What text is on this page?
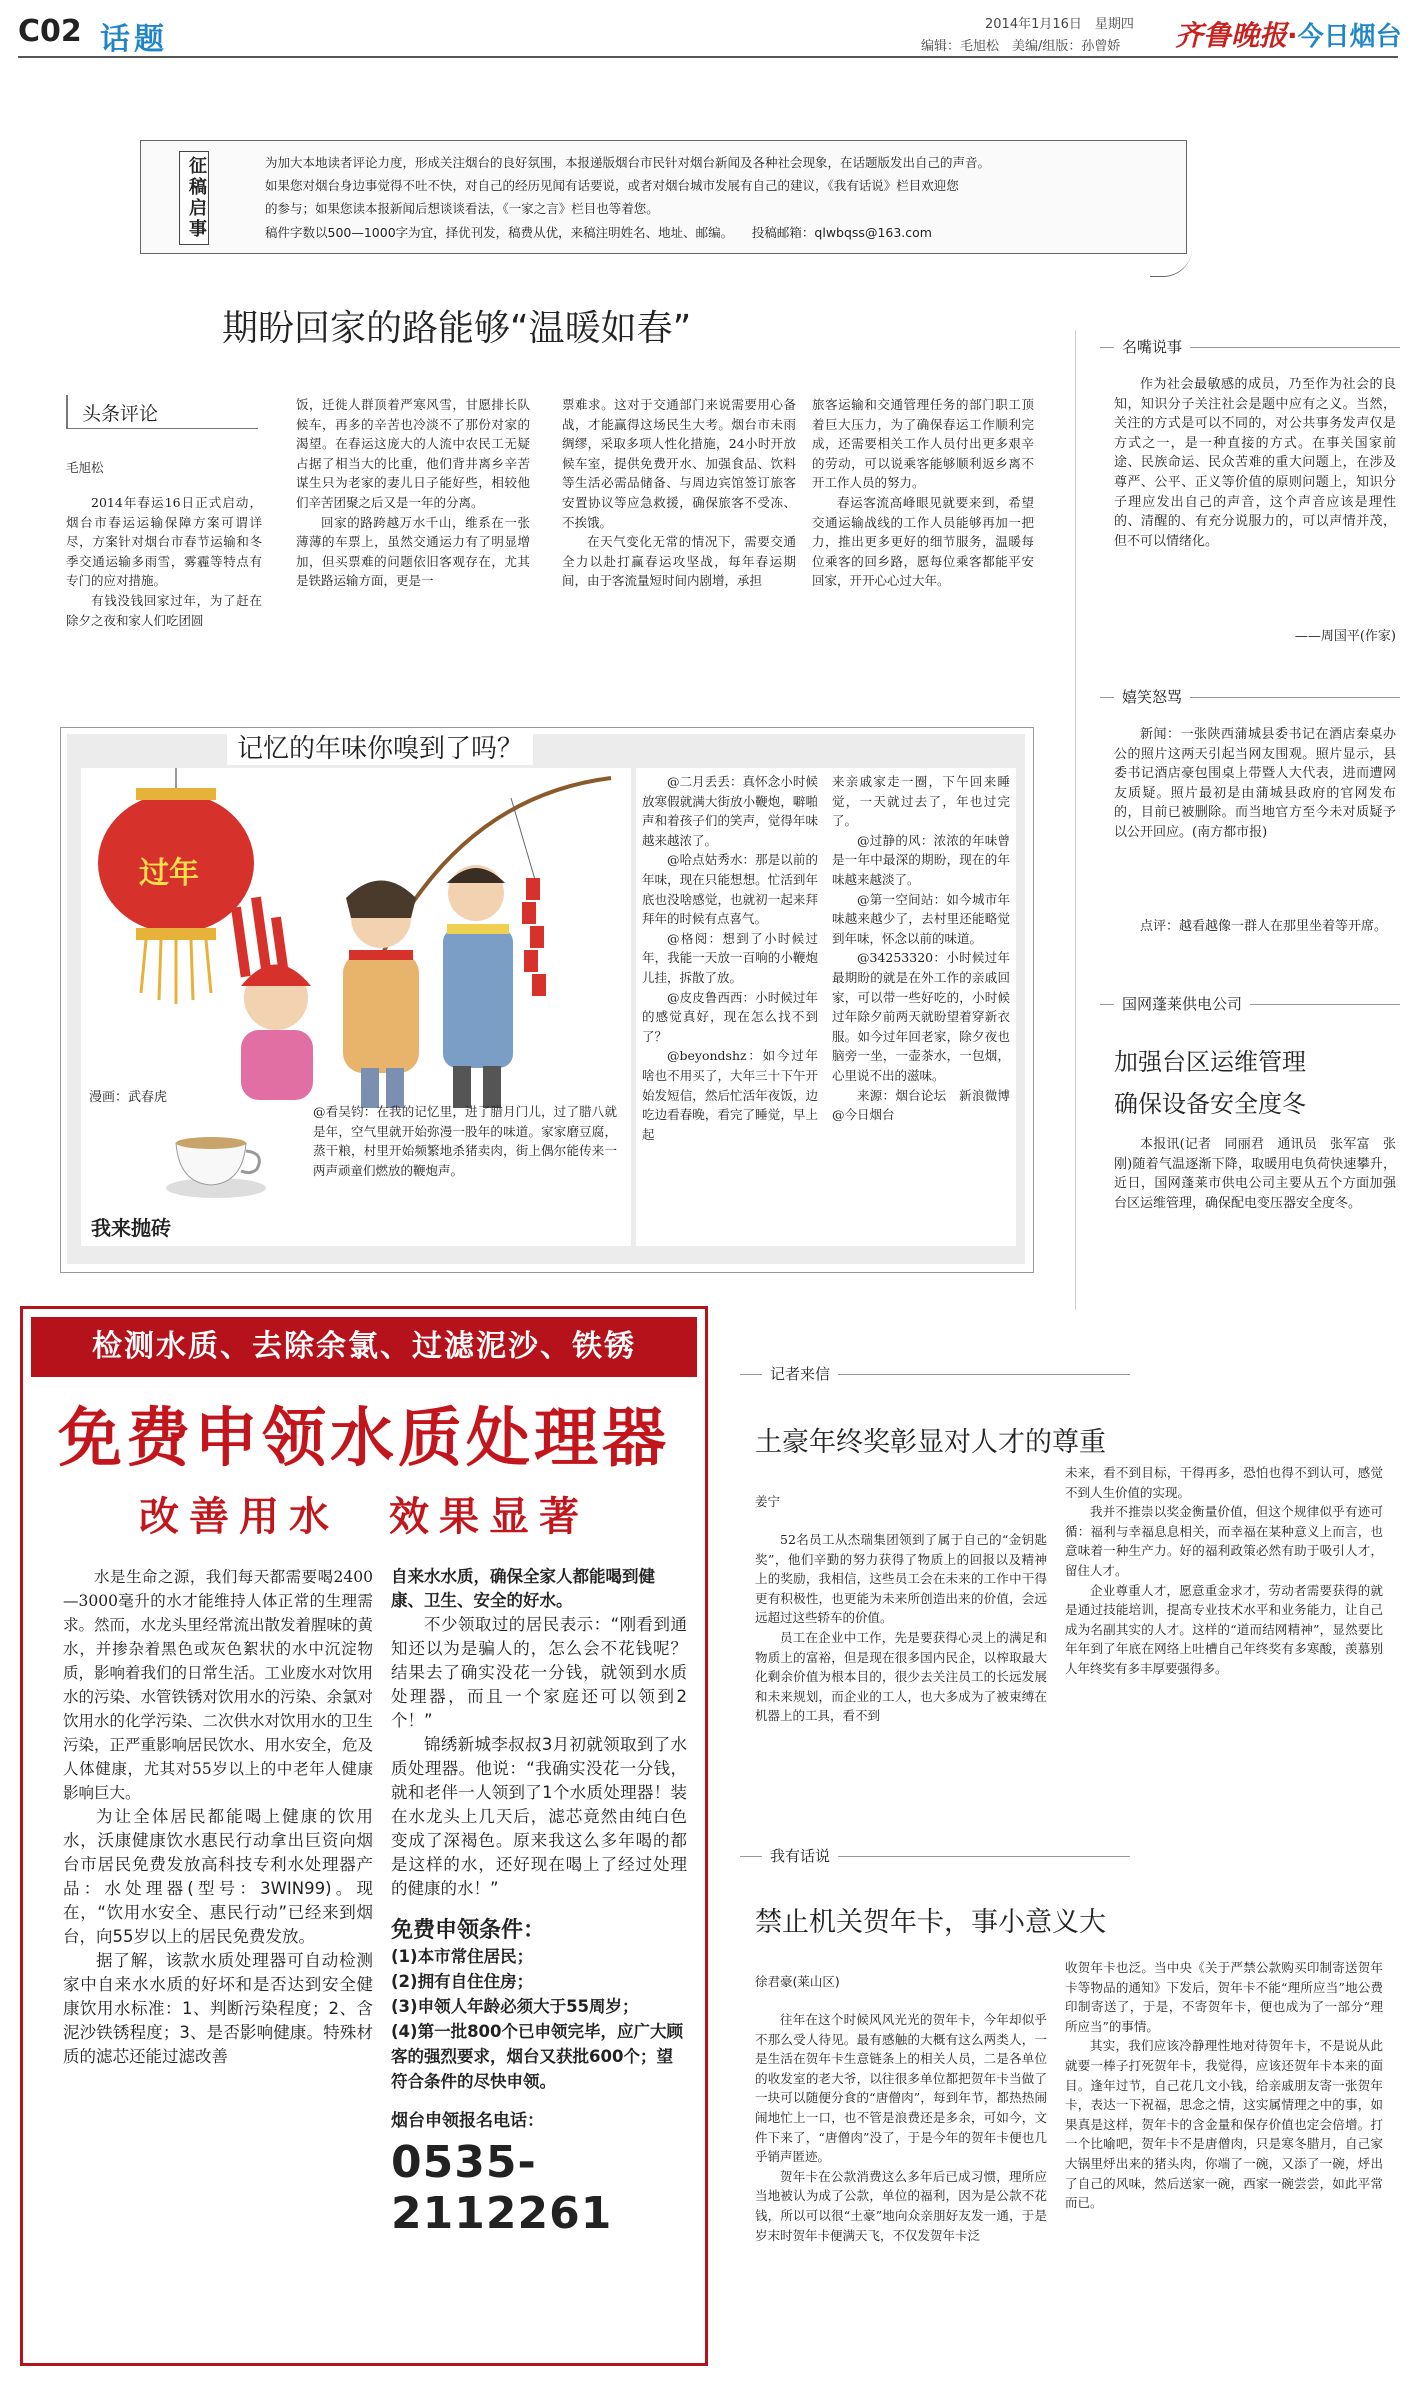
C02 话题	2014年1月16日　星期四
编辑：毛旭松　美编/组版：孙曾娇 齐鲁晚报·今日烟台
征稿启事	为加大本地读者评论力度，形成关注烟台的良好氛围，本报递版烟台市民针对烟台新闻及各种社会现象，在话题版发出自己的声音。
如果您对烟台身边事觉得不吐不快，对自己的经历见闻有话要说，或者对烟台城市发展有自己的建议，《我有话说》栏目欢迎您
的参与；如果您读本报新闻后想谈谈看法，《一家之言》栏目也等着您。
稿件字数以500—1000字为宜，择优刊发，稿费从优，来稿注明姓名、地址、邮编。　　投稿邮箱：qlwbqss@163.com
期盼回家的路能够“温暖如春”
头条评论
毛旭松

2014年春运16日正式启动，烟台市春运运输保障方案可谓详尽，方案针对烟台市春节运输和冬季交通运输多雨雪，雾霾等特点有专门的应对措施。

有钱没钱回家过年，为了赶在除夕之夜和家人们吃团圆

饭，迁徙人群顶着严寒风雪，甘愿排长队候车，再多的辛苦也冷淡不了那份对家的渴望。在春运这庞大的人流中农民工无疑占据了相当大的比重，他们背井离乡辛苦谋生只为老家的妻儿日子能好些，相较他们辛苦团聚之后又是一年的分离。

回家的路跨越万水千山，维系在一张薄薄的车票上，虽然交通运力有了明显增加，但买票难的问题依旧客观存在，尤其是铁路运输方面，更是一

票难求。这对于交通部门来说需要用心备战，才能赢得这场民生大考。烟台市未雨绸缪，采取多项人性化措施，24小时开放候车室，提供免费开水、加强食品、饮料等生活必需品储备、与周边宾馆签订旅客安置协议等应急救援，确保旅客不受冻、不挨饿。

在天气变化无常的情况下，需要交通全力以赴打赢春运攻坚战，每年春运期间，由于客流量短时间内剧增，承担

旅客运输和交通管理任务的部门职工顶着巨大压力，为了确保春运工作顺利完成，还需要相关工作人员付出更多艰辛的劳动，可以说乘客能够顺利返乡离不开工作人员的努力。

春运客流高峰眼见就要来到，希望交通运输战线的工作人员能够再加一把力，推出更多更好的细节服务，温暖每位乘客的回乡路，愿每位乘客都能平安回家，开开心心过大年。

名嘴说事

作为社会最敏感的成员，乃至作为社会的良知，知识分子关注社会是题中应有之义。当然，关注的方式是可以不同的，对公共事务发声仅是方式之一，是一种直接的方式。在事关国家前途、民族命运、民众苦难的重大问题上，在涉及尊严、公平、正义等价值的原则问题上，知识分子理应发出自己的声音，这个声音应该是理性的、清醒的、有充分说服力的，可以声情并茂，但不可以情绪化。

——周国平(作家)
嬉笑怒骂

新闻：一张陕西蒲城县委书记在酒店秦桌办公的照片这两天引起当网友围观。照片显示，县委书记酒店豪包围桌上带暨人大代表，进而遭网友质疑。照片最初是由蒲城县政府的官网发布的，目前已被删除。而当地官方至今未对质疑予以公开回应。(南方都市报)

点评：越看越像一群人在那里坐着等开席。

国网蓬莱供电公司
加强台区运维管理
确保设备安全度冬

本报讯(记者　同丽君　通讯员　张军富　张刚)随着气温逐渐下降，取暖用电负荷快速攀升，近日，国网蓬莱市供电公司主要从五个方面加强台区运维管理，确保配电变压器安全度冬。

记忆的年味你嗅到了吗？
过年
漫画：武春虎
我来抛砖

@看吴钧：在我的记忆里，进了腊月门儿，过了腊八就是年，空气里就开始弥漫一股年的味道。家家磨豆腐，蒸干粮，村里开始频繁地杀猪卖肉，街上偶尔能传来一两声顽童们燃放的鞭炮声。

@二月丢丢：真怀念小时候放寒假就满大街放小鞭炮，噼啪声和着孩子们的笑声，觉得年味越来越浓了。

@哈点姑秀水：那是以前的年味，现在只能想想。忙活到年底也没啥感觉，也就初一起来拜拜年的时候有点喜气。

@格阅：想到了小时候过年，我能一天放一百响的小鞭炮儿挂，拆散了放。

@皮皮鲁西西：小时候过年的感觉真好，现在怎么找不到了？

@beyondshz：如今过年啥也不用买了，大年三十下午开始发短信，然后忙活年夜饭，边吃边看春晚，看完了睡觉，早上起

来亲戚家走一圈，下午回来睡觉，一天就过去了，年也过完了。

@过静的风：浓浓的年味曾是一年中最深的期盼，现在的年味越来越淡了。

@第一空间站：如今城市年味越来越少了，去村里还能略觉到年味，怀念以前的味道。

@34253320：小时候过年最期盼的就是在外工作的亲戚回家，可以带一些好吃的，小时候过年除夕前两天就盼望着穿新衣服。如今过年回老家，除夕夜也脑旁一坐，一壶茶水，一包烟，心里说不出的滋味。

来源：烟台论坛　新浪微博@今日烟台

检测水质、去除余氯、过滤泥沙、铁锈
免费申领水质处理器
改善用水　效果显著

水是生命之源，我们每天都需要喝2400—3000毫升的水才能维持人体正常的生理需求。然而，水龙头里经常流出散发着腥味的黄水，并掺杂着黑色或灰色絮状的水中沉淀物质，影响着我们的日常生活。工业废水对饮用水的污染、水管铁锈对饮用水的污染、余氯对饮用水的化学污染、二次供水对饮用水的卫生污染，正严重影响居民饮水、用水安全，危及人体健康，尤其对55岁以上的中老年人健康影响巨大。

为让全体居民都能喝上健康的饮用水，沃康健康饮水惠民行动拿出巨资向烟台市居民免费发放高科技专利水处理器产品：水处理器(型号：3WIN99)。现在，“饮用水安全、惠民行动”已经来到烟台，向55岁以上的居民免费发放。

据了解，该款水质处理器可自动检测家中自来水水质的好坏和是否达到安全健康饮用水标准：1、判断污染程度；2、含泥沙铁锈程度；3、是否影响健康。特殊材质的滤芯还能过滤改善

自来水水质，确保全家人都能喝到健康、卫生、安全的好水。

不少领取过的居民表示：“刚看到通知还以为是骗人的，怎么会不花钱呢？结果去了确实没花一分钱，就领到水质处理器，而且一个家庭还可以领到2个！”

锦绣新城李叔叔3月初就领取到了水质处理器。他说：“我确实没花一分钱，就和老伴一人领到了1个水质处理器！装在水龙头上几天后，滤芯竟然由纯白色变成了深褐色。原来我这么多年喝的都是这样的水，还好现在喝上了经过处理的健康的水！”

免费申领条件：
(1)本市常住居民；
(2)拥有自住住房；
(3)申领人年龄必须大于55周岁；
(4)第一批800个已申领完毕，应广大顾客的强烈要求，烟台又获批600个；望符合条件的尽快申领。
烟台申领报名电话：
0535-2112261
记者来信
土豪年终奖彰显对人才的尊重
姜宁

52名员工从杰瑞集团领到了属于自己的“金钥匙奖”，他们辛勤的努力获得了物质上的回报以及精神上的奖励，我相信，这些员工会在未来的工作中干得更有积极性，也更能为未来所创造出来的价值，会远远超过这些轿车的价值。

员工在企业中工作，先是要获得心灵上的满足和物质上的富裕，但是现在很多国内民企，以榨取最大化剩余价值为根本目的，很少去关注员工的长远发展和未来规划，而企业的工人，也大多成为了被束缚在机器上的工具，看不到

未来，看不到目标，干得再多，恐怕也得不到认可，感觉不到人生价值的实现。

我并不推崇以奖金衡量价值，但这个规律似乎有迹可循：福利与幸福息息相关，而幸福在某种意义上而言，也意味着一种生产力。好的福利政策必然有助于吸引人才，留住人才。

企业尊重人才，愿意重金求才，劳动者需要获得的就是通过技能培训，提高专业技术水平和业务能力，让自己成为名副其实的人才。这样的“道而结网精神”，显然要比年年到了年底在网络上吐槽自己年终奖有多寒酸，羡慕别人年终奖有多丰厚要强得多。

我有话说
禁止机关贺年卡，事小意义大
徐君豪(莱山区)

往年在这个时候风风光光的贺年卡，今年却似乎不那么受人待见。最有感触的大概有这么两类人，一是生活在贺年卡生意链条上的相关人员，二是各单位的收发室的老大爷，以往很多单位都把贺年卡当做了一块可以随便分食的“唐僧肉”，每到年节，都热热闹闹地忙上一口，也不管是浪费还是多余，可如今，文件下来了，“唐僧肉”没了，于是今年的贺年卡便也几乎销声匿迹。

贺年卡在公款消费这么多年后已成习惯，理所应当地被认为成了公款，单位的福利，因为是公款不花钱，所以可以很“土豪”地向众亲朋好友发一通，于是岁末时贺年卡便满天飞，不仅发贺年卡泛

收贺年卡也泛。当中央《关于严禁公款购买印制寄送贺年卡等物品的通知》下发后，贺年卡不能“理所应当”地公费印制寄送了，于是，不寄贺年卡，便也成为了一部分“理所应当”的事情。

其实，我们应该冷静理性地对待贺年卡，不是说从此就要一棒子打死贺年卡，我觉得，应该还贺年卡本来的面目。逢年过节，自己花几文小钱，给亲戚朋友寄一张贺年卡，表达一下祝福，思念之情，这实属情理之中的事，如果真是这样，贺年卡的含金量和保存价值也定会倍增。打一个比喻吧，贺年卡不是唐僧肉，只是寒冬腊月，自己家大锅里烀出来的猪头肉，你端了一碗，又添了一碗，烀出了自己的风味，然后送家一碗，西家一碗尝尝，如此平常而已。
